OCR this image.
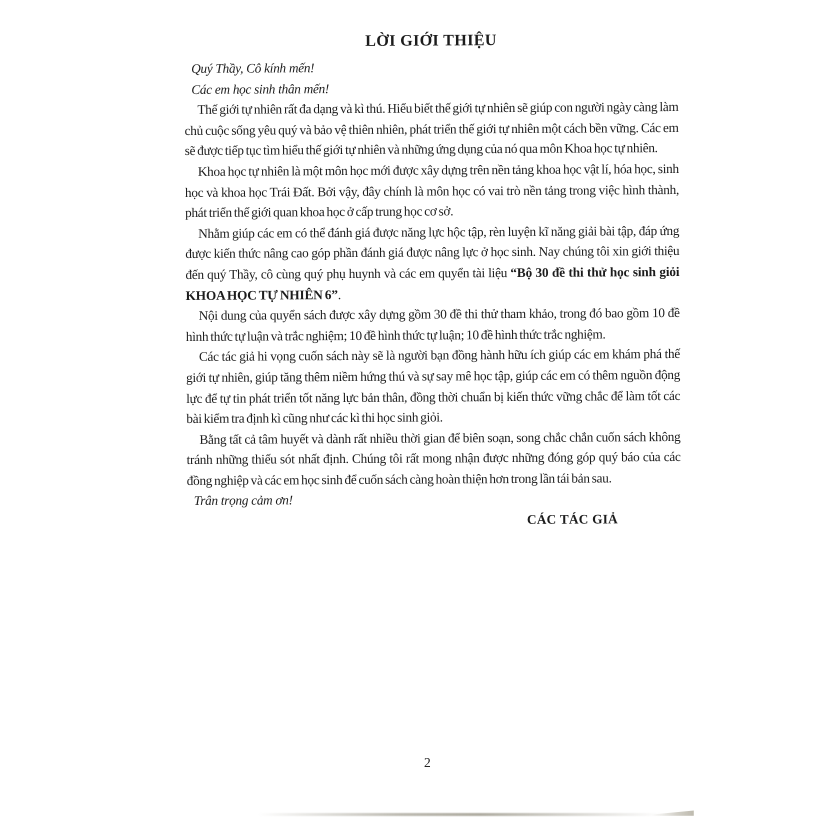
LỜI GIỚI THIỆU

Quý Thầy, Cô kính mến!

Các em học sinh thân mến!

Thế giới tự nhiên rất đa dạng và kì thú. Hiểu biết thế giới tự nhiên sẽ giúp con người ngày càng làm chủ cuộc sống yêu quý và bảo vệ thiên nhiên, phát triển thế giới tự nhiên một cách bền vững. Các em sẽ được tiếp tục tìm hiểu thế giới tự nhiên và những ứng dụng của nó qua môn Khoa học tự nhiên.

Khoa học tự nhiên là một môn học mới được xây dựng trên nền tảng khoa học vật lí, hóa học, sinh học và khoa học Trái Đất. Bởi vậy, đây chính là môn học có vai trò nền tảng trong việc hình thành, phát triển thế giới quan khoa học ở cấp trung học cơ sở.

Nhằm giúp các em có thể đánh giá được năng lực hộc tập, rèn luyện kĩ năng giải bài tập, đáp ứng được kiến thức nâng cao góp phần đánh giá được nâng lực ở học sinh. Nay chúng tôi xin giới thiệu đến quý Thầy, cô cùng quý phụ huynh và các em quyển tài liệu “Bộ 30 đề thi thử học sinh giỏi KHOA HỌC TỰ NHIÊN 6”.

Nội dung của quyển sách được xây dựng gồm 30 đề thi thử tham khảo, trong đó bao gồm 10 đề hình thức tự luận và trắc nghiệm; 10 đề hình thức tự luận; 10 đề hình thức trắc nghiệm.

Các tác giả hi vọng cuốn sách này sẽ là người bạn đồng hành hữu ích giúp các em khám phá thế giới tự nhiên, giúp tăng thêm niềm hứng thú và sự say mê học tập, giúp các em có thêm nguồn động lực để tự tin phát triển tốt năng lực bản thân, đồng thời chuẩn bị kiến thức vững chắc để làm tốt các bài kiểm tra định kì cũng như các kì thi học sinh giỏi.

Bằng tất cả tâm huyết và dành rất nhiều thời gian để biên soạn, song chắc chắn cuốn sách không tránh những thiếu sót nhất định. Chúng tôi rất mong nhận được những đóng góp quý báo của các đồng nghiệp và các em học sinh để cuốn sách càng hoàn thiện hơn trong lần tái bản sau.

Trân trọng cảm ơn!

CÁC TÁC GIẢ

2
